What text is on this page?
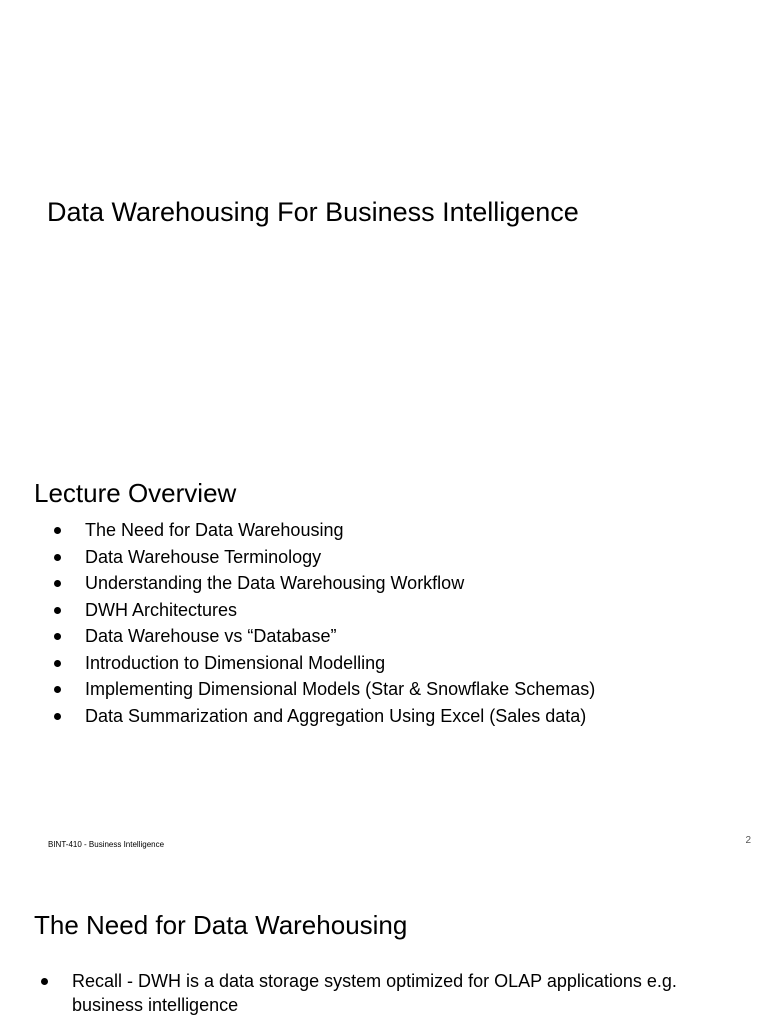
Data Warehousing For Business Intelligence
Lecture Overview
The Need for Data Warehousing
Data Warehouse Terminology
Understanding the Data Warehousing Workflow
DWH Architectures
Data Warehouse vs “Database”
Introduction to Dimensional Modelling
Implementing Dimensional Models (Star & Snowflake Schemas)
Data Summarization and Aggregation Using Excel (Sales data)
BINT-410 - Business Intelligence	2
The Need for Data Warehousing
Recall - DWH is a data storage system optimized for OLAP applications e.g. business intelligence
